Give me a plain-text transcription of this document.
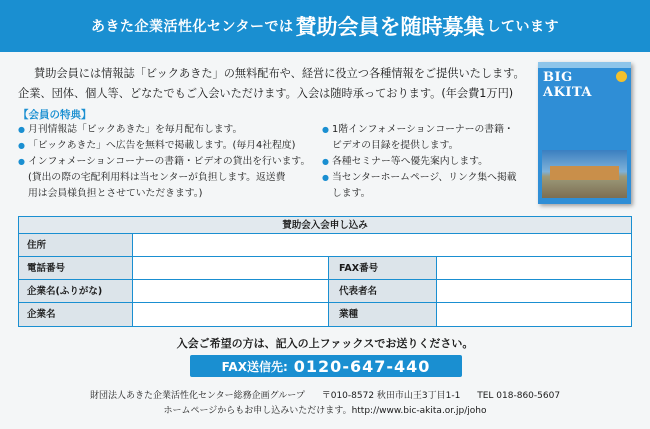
あきた企業活性化センターでは 賛助会員を随時募集 しています
賛助会員には情報誌「ビックあきた」の無料配布や、経営に役立つ各種情報をご提供いたします。
企業、団体、個人等、どなたでもご入会いただけます。入会は随時承っております。(年会費1万円)
【会員の特典】
● 月刊情報誌「ビックあきた」を毎月配布します。
● 「ビックあきた」へ広告を無料で掲載します。(毎月4社程度)
● インフォメーションコーナーの書籍・ビデオの貸出を行います。
(貸出の際の宅配利用料は当センターが負担します。返送費
用は会員様負担とさせていただきます。)
● 1階インフォメーションコーナーの書籍・
ビデオの目録を提供します。
● 各種セミナー等へ優先案内します。
● 当センターホームページ、リンク集へ掲載
します。
BIG AKITA
賛助会入会申し込み
住所
電話番号	FAX番号
企業名(ふりがな)	代表者名
企業名	業種
入会ご希望の方は、記入の上ファックスでお送りください。
FAX送信先: 0120-647-440
財団法人あきた企業活性化センター総務企画グループ 〒010-8572 秋田市山王3丁目1-1 TEL 018-860-5607
ホームページからもお申し込みいただけます。http://www.bic-akita.or.jp/joho
